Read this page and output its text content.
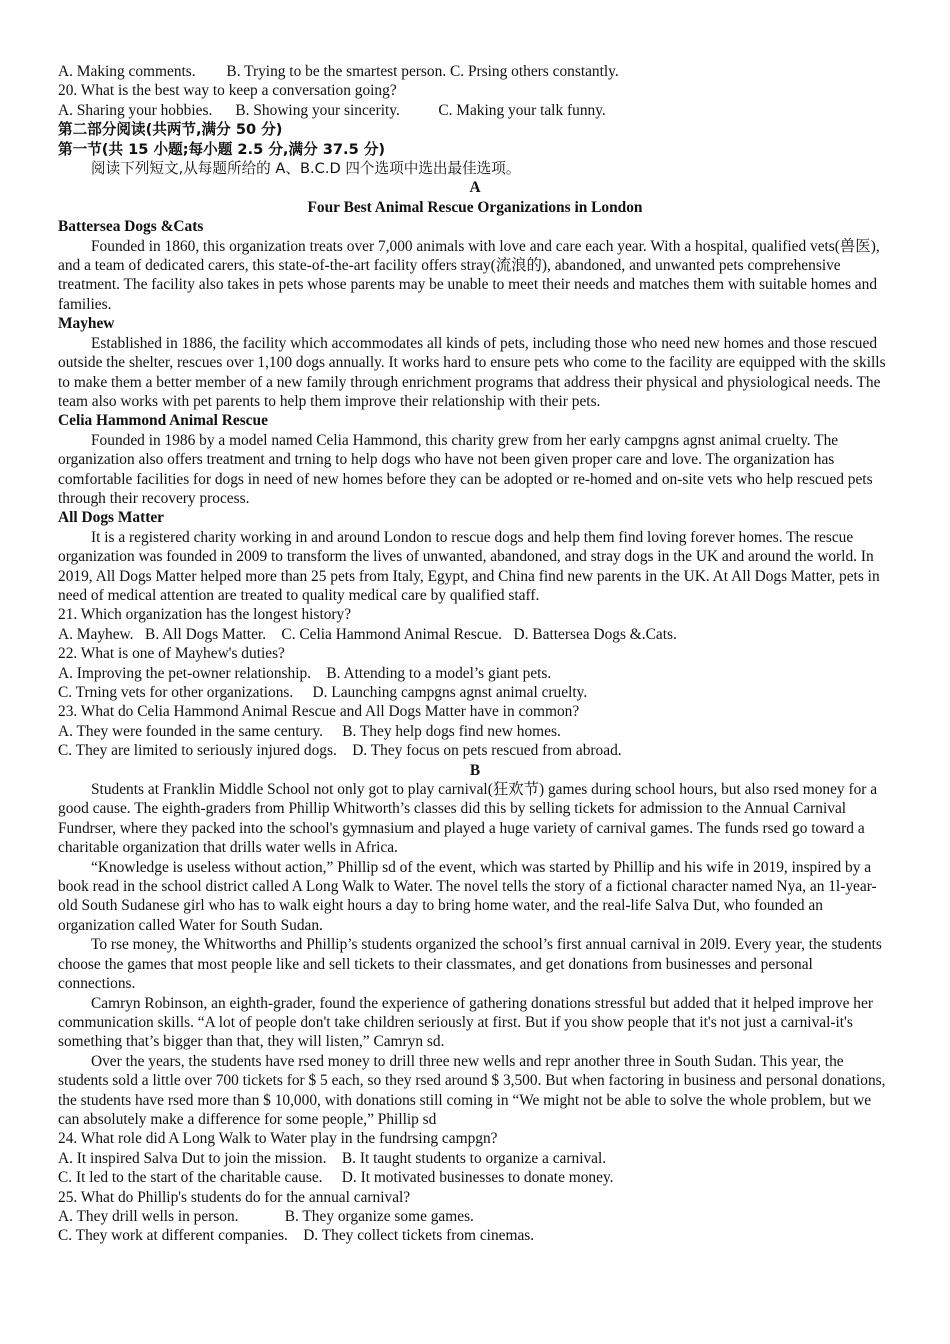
A. Making comments.        B. Trying to be the smartest person. C. Prsing others constantly.
20. What is the best way to keep a conversation going?
A. Sharing your hobbies.      B. Showing your sincerity.          C. Making your talk funny.
第二部分阅读(共两节,满分 50 分)
第一节(共 15 小题;每小题 2.5 分,满分 37.5 分)
阅读下列短文,从每题所给的 A、B.C.D 四个选项中选出最佳选项。
A
Four Best Animal Rescue Organizations in London
Battersea Dogs &Cats
Founded in 1860, this organization treats over 7,000 animals with love and care each year. With a hospital, qualified vets(兽医), and a team of dedicated carers, this state-of-the-art facility offers stray(流浪的), abandoned, and unwanted pets comprehensive treatment. The facility also takes in pets whose parents may be unable to meet their needs and matches them with suitable homes and families.
Mayhew
Established in 1886, the facility which accommodates all kinds of pets, including those who need new homes and those rescued outside the shelter, rescues over 1,100 dogs annually. It works hard to ensure pets who come to the facility are equipped with the skills to make them a better member of a new family through enrichment programs that address their physical and physiological needs. The team also works with pet parents to help them improve their relationship with their pets.
Celia Hammond Animal Rescue
Founded in 1986 by a model named Celia Hammond, this charity grew from her early campgns agnst animal cruelty. The organization also offers treatment and trning to help dogs who have not been given proper care and love. The organization has comfortable facilities for dogs in need of new homes before they can be adopted or re-homed and on-site vets who help rescued pets through their recovery process.
All Dogs Matter
It is a registered charity working in and around London to rescue dogs and help them find loving forever homes. The rescue organization was founded in 2009 to transform the lives of unwanted, abandoned, and stray dogs in the UK and around the world. In 2019, All Dogs Matter helped more than 25 pets from Italy, Egypt, and China find new parents in the UK. At All Dogs Matter, pets in need of medical attention are treated to quality medical care by qualified staff.
21. Which organization has the longest history?
A. Mayhew.   B. All Dogs Matter.    C. Celia Hammond Animal Rescue.   D. Battersea Dogs &.Cats.
22. What is one of Mayhew's duties?
A. Improving the pet-owner relationship.    B. Attending to a model’s giant pets.
C. Trning vets for other organizations.     D. Launching campgns agnst animal cruelty.
23. What do Celia Hammond Animal Rescue and All Dogs Matter have in common?
A. They were founded in the same century.     B. They help dogs find new homes.
C. They are limited to seriously injured dogs.    D. They focus on pets rescued from abroad.
B
Students at Franklin Middle School not only got to play carnival(狂欢节) games during school hours, but also rsed money for a good cause. The eighth-graders from Phillip Whitworth’s classes did this by selling tickets for admission to the Annual Carnival Fundrser, where they packed into the school's gymnasium and played a huge variety of carnival games. The funds rsed go toward a charitable organization that drills water wells in Africa.
“Knowledge is useless without action,” Phillip sd of the event, which was started by Phillip and his wife in 2019, inspired by a book read in the school district called A Long Walk to Water. The novel tells the story of a fictional character named Nya, an 1l-year-old South Sudanese girl who has to walk eight hours a day to bring home water, and the real-life Salva Dut, who founded an organization called Water for South Sudan.
To rse money, the Whitworths and Phillip’s students organized the school’s first annual carnival in 20l9. Every year, the students choose the games that most people like and sell tickets to their classmates, and get donations from businesses and personal connections.
Camryn Robinson, an eighth-grader, found the experience of gathering donations stressful but added that it helped improve her communication skills. “A lot of people don't take children seriously at first. But if you show people that it's not just a carnival-it's something that’s bigger than that, they will listen,” Camryn sd.
Over the years, the students have rsed money to drill three new wells and repr another three in South Sudan. This year, the students sold a little over 700 tickets for $ 5 each, so they rsed around $ 3,500. But when factoring in business and personal donations, the students have rsed more than $ 10,000, with donations still coming in “We might not be able to solve the whole problem, but we can absolutely make a difference for some people,” Phillip sd
24. What role did A Long Walk to Water play in the fundrsing campgn?
A. It inspired Salva Dut to join the mission.    B. It taught students to organize a carnival.
C. It led to the start of the charitable cause.     D. It motivated businesses to donate money.
25. What do Phillip's students do for the annual carnival?
A. They drill wells in person.            B. They organize some games.
C. They work at different companies.    D. They collect tickets from cinemas.
